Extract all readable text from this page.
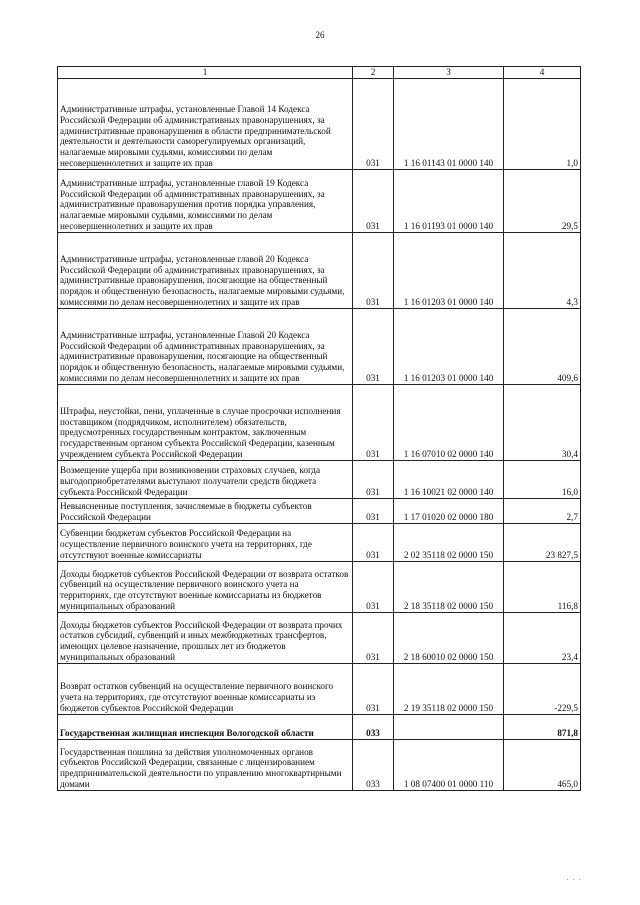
26
1	2	3	4
Административные штрафы, установленные Главой 14 Кодекса Российской Федерации об административных правонарушениях, за административные правонарушения в области предпринимательской деятельности и деятельности саморегулируемых организаций, налагаемые мировыми судьями, комиссиями по делам несовершеннолетних и защите их прав	031	1 16 01143 01 0000 140	1,0
Административные штрафы, установленные главой 19 Кодекса Российской Федерации об административных правонарушениях, за административные правонарушения против порядка управления, налагаемые мировыми судьями, комиссиями по делам несовершеннолетних и защите их прав	031	1 16 01193 01 0000 140	29,5
Административные штрафы, установленные главой 20 Кодекса Российской Федерации об административных правонарушениях, за административные правонарушения, посягающие на общественный порядок и общественную безопасность, налагаемые мировыми судьями, комиссиями по делам несовершеннолетних и защите их прав	031	1 16 01203 01 0000 140	4,3
Административные штрафы, установленные Главой 20 Кодекса Российской Федерации об административных правонарушениях, за административные правонарушения, посягающие на общественный порядок и общественную безопасность, налагаемые мировыми судьями, комиссиями по делам несовершеннолетних и защите их прав	031	1 16 01203 01 0000 140	409,6
Штрафы, неустойки, пени, уплаченные в случае просрочки исполнения поставщиком (подрядчиком, исполнителем) обязательств, предусмотренных государственным контрактом, заключенным государственным органом субъекта Российской Федерации, казенным учреждением субъекта Российской Федерации	031	1 16 07010 02 0000 140	30,4
Возмещение ущерба при возникновении страховых случаев, когда выгодоприобретателями выступают получатели средств бюджета субъекта Российской Федерации	031	1 16 10021 02 0000 140	16,0
Невыясненные поступления, зачисляемые в бюджеты субъектов Российской Федерации	031	1 17 01020 02 0000 180	2,7
Субвенции бюджетам субъектов Российской Федерации на осуществление первичного воинского учета на территориях, где отсутствуют военные комиссариаты	031	2 02 35118 02 0000 150	23 827,5
Доходы бюджетов субъектов Российской Федерации от возврата остатков субвенций на осуществление первичного воинского учета на территориях, где отсутствуют военные комиссариаты из бюджетов муниципальных образований	031	2 18 35118 02 0000 150	116,8
Доходы бюджетов субъектов Российской Федерации от возврата прочих остатков субсидий, субвенций и иных межбюджетных трансфертов, имеющих целевое назначение, прошлых лет из бюджетов муниципальных образований	031	2 18 60010 02 0000 150	23,4
Возврат остатков субвенций на осуществление первичного воинского учета на территориях, где отсутствуют военные комиссариаты из бюджетов субъектов Российской Федерации	031	2 19 35118 02 0000 150	-229,5
Государственная жилищная инспекция Вологодской области	033		871,8
Государственная пошлина за действия уполномоченных органов субъектов Российской Федерации, связанные с лицензированием предпринимательской деятельности по управлению многоквартирными домами	033	1 08 07400 01 0000 110	465,0
· · ·
